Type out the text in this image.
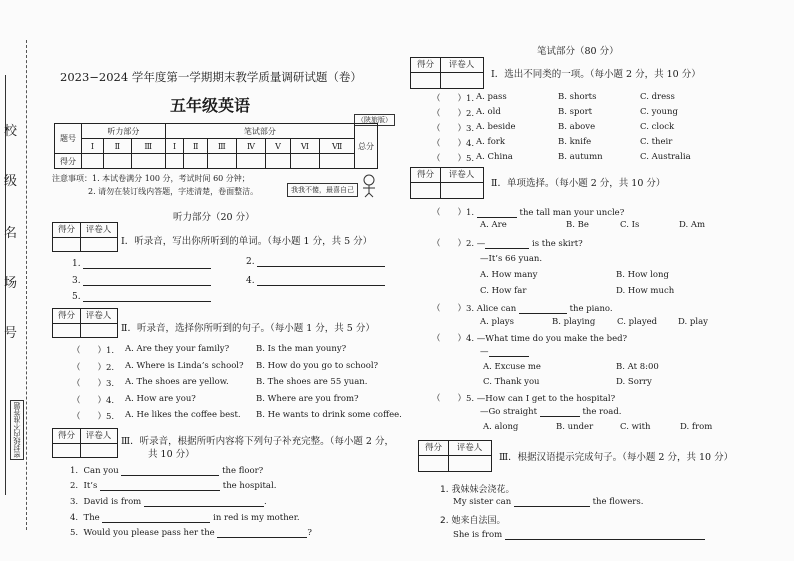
校
级
名
场
号
密封线内不准答题
2023−2024 学年度第一学期期末教学质量调研试题（卷）
五年级英语
（陕旅版）
题号	听力部分			笔试部分							总分
	Ⅰ	Ⅱ	Ⅲ	Ⅰ	Ⅱ	Ⅲ	Ⅳ	Ⅴ	Ⅵ	Ⅶ	
得分											
注意事项：1. 本试卷满分 100 分，考试时间 60 分钟；
2. 请勿在装订线内答题，字迹清楚，卷面整洁。	我我不傻，最喜自己
听力部分（20 分）
得分	评卷人
Ⅰ．听录音，写出你所听到的单词。（每小题 1 分，共 5 分）
1.	2.
3.	4.
5.
得分	评卷人
Ⅱ．听录音，选择你所听到的句子。（每小题 1 分，共 5 分）
（　　）1. A. Are they your family?	B. Is the man youny?
（　　）2. A. Where is Linda’s school? B. How do you go to school?
（　　）3. A. The shoes are yellow.	B. The shoes are 55 yuan.
（　　）4. A. How are you?	B. Where are you from?
（　　）5. A. He likes the coffee best. B. He wants to drink some coffee.
得分	评卷人	Ⅲ．听录音，根据所听内容将下列句子补充完整。（每小题 2 分，
共 10 分）
1. Can you	the floor?
2. It’s	the hospital.
3. David is from	.
4. The	in red is my mother.
5. Would you please pass her the	?
笔试部分（80 分）
得分	评卷人
Ⅰ．选出不同类的一项。（每小题 2 分，共 10 分）
（　　）1. A. pass	B. shorts	C. dress
（　　）2. A. old	B. sport	C. young
（　　）3. A. beside	B. above	C. clock
（　　）4. A. fork	B. knife	C. their
（　　）5. A. China	B. autumn	C. Australia
得分	评卷人
Ⅱ．单项选择。（每小题 2 分，共 10 分）
（　　）1.	the tall man your uncle?
A. Are	B. Be	C. Is	D. Am
（　　）2. —	is the skirt?
—It’s 66 yuan.
A. How many	B. How long
C. How far	D. How much
（　　）3. Alice can	the piano.
A. plays	B. playing	C. played D. play
（　　）4. —What time do you make the bed?
—
A. Excuse me	B. At 8:00
C. Thank you	D. Sorry
（　　）5. —How can I get to the hospital?
—Go straight	the road.
A. along	B. under	C. with	D. from
得分	评卷人
Ⅲ．根据汉语提示完成句子。（每小题 2 分，共 10 分）
1. 我妹妹会浇花。
My sister can	the flowers.
2. 她来自法国。
She is from
